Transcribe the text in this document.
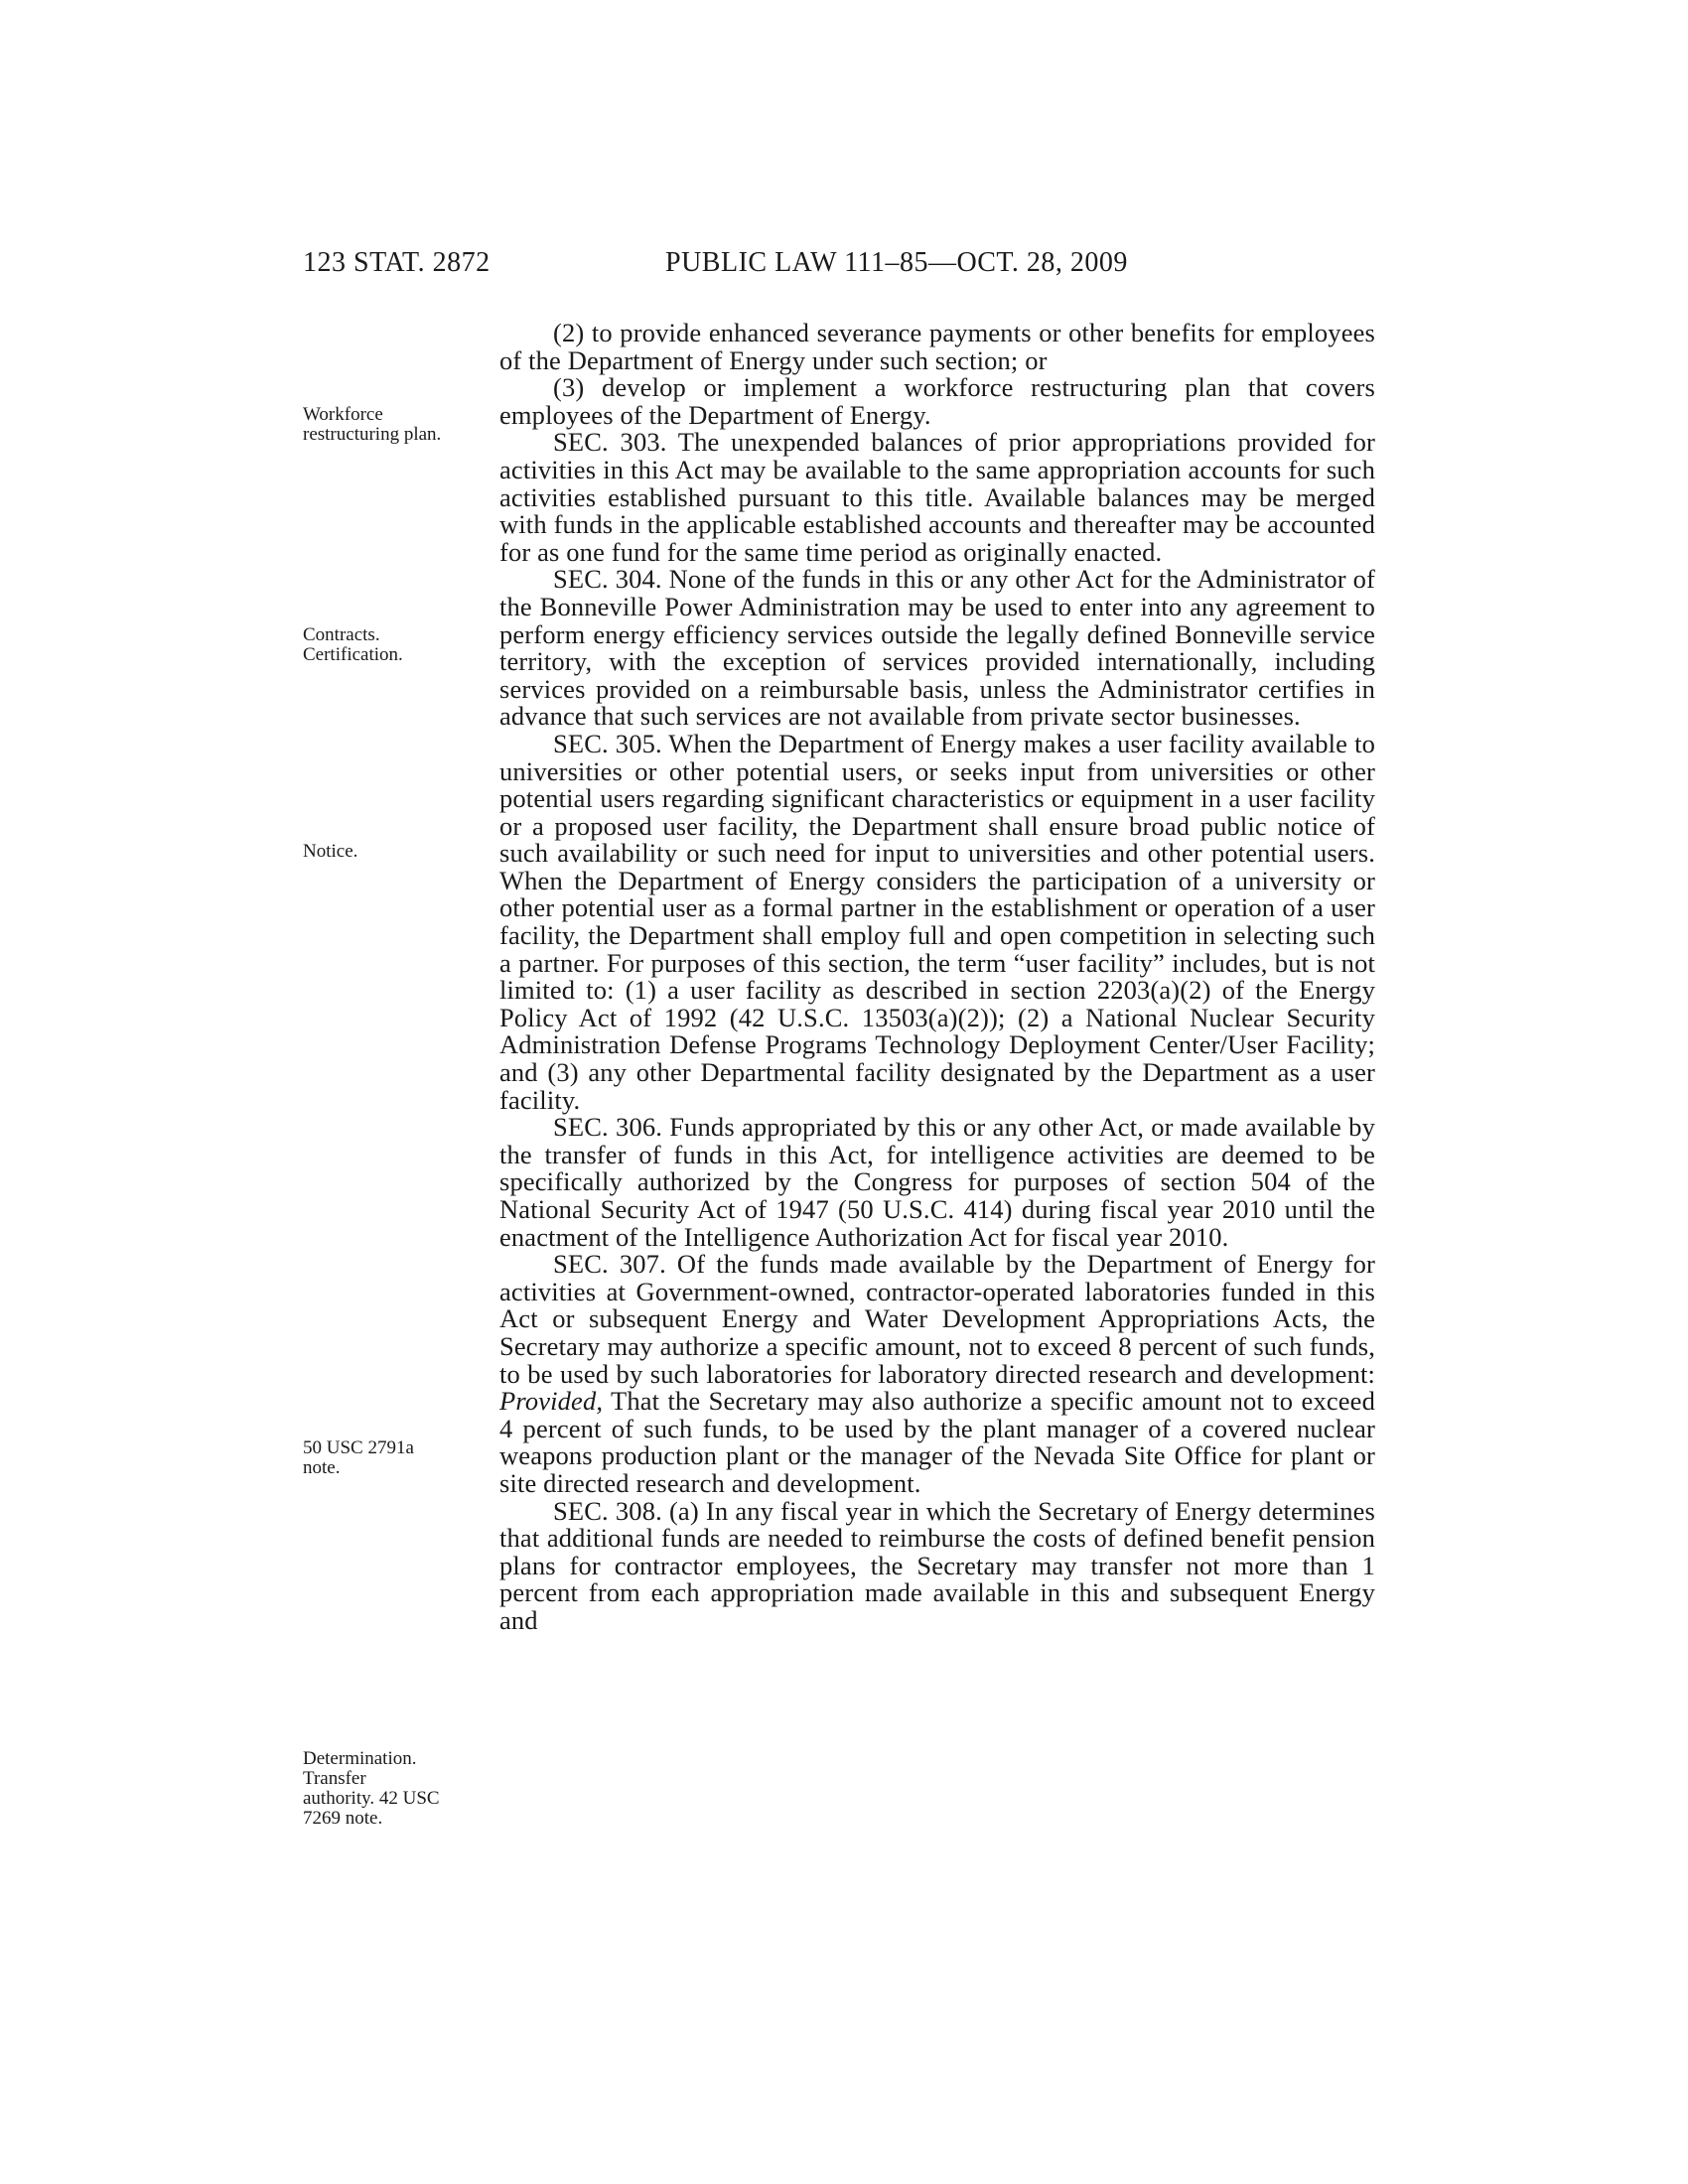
123 STAT. 2872	PUBLIC LAW 111–85—OCT. 28, 2009
Workforce restructuring plan.
Contracts. Certification.
Notice.
50 USC 2791a note.
Determination. Transfer authority. 42 USC 7269 note.

(2) to provide enhanced severance payments or other benefits for employees of the Department of Energy under such section; or

(3) develop or implement a workforce restructuring plan that covers employees of the Department of Energy.

SEC. 303. The unexpended balances of prior appropriations provided for activities in this Act may be available to the same appropriation accounts for such activities established pursuant to this title. Available balances may be merged with funds in the applicable established accounts and thereafter may be accounted for as one fund for the same time period as originally enacted.

SEC. 304. None of the funds in this or any other Act for the Administrator of the Bonneville Power Administration may be used to enter into any agreement to perform energy efficiency services outside the legally defined Bonneville service territory, with the exception of services provided internationally, including services provided on a reimbursable basis, unless the Administrator certifies in advance that such services are not available from private sector businesses.

SEC. 305. When the Department of Energy makes a user facility available to universities or other potential users, or seeks input from universities or other potential users regarding significant characteristics or equipment in a user facility or a proposed user facility, the Department shall ensure broad public notice of such availability or such need for input to universities and other potential users. When the Department of Energy considers the participation of a university or other potential user as a formal partner in the establishment or operation of a user facility, the Department shall employ full and open competition in selecting such a partner. For purposes of this section, the term “user facility” includes, but is not limited to: (1) a user facility as described in section 2203(a)(2) of the Energy Policy Act of 1992 (42 U.S.C. 13503(a)(2)); (2) a National Nuclear Security Administration Defense Programs Technology Deployment Center/User Facility; and (3) any other Departmental facility designated by the Department as a user facility.

SEC. 306. Funds appropriated by this or any other Act, or made available by the transfer of funds in this Act, for intelligence activities are deemed to be specifically authorized by the Congress for purposes of section 504 of the National Security Act of 1947 (50 U.S.C. 414) during fiscal year 2010 until the enactment of the Intelligence Authorization Act for fiscal year 2010.

SEC. 307. Of the funds made available by the Department of Energy for activities at Government-owned, contractor-operated laboratories funded in this Act or subsequent Energy and Water Development Appropriations Acts, the Secretary may authorize a specific amount, not to exceed 8 percent of such funds, to be used by such laboratories for laboratory directed research and development: Provided, That the Secretary may also authorize a specific amount not to exceed 4 percent of such funds, to be used by the plant manager of a covered nuclear weapons production plant or the manager of the Nevada Site Office for plant or site directed research and development.

SEC. 308. (a) In any fiscal year in which the Secretary of Energy determines that additional funds are needed to reimburse the costs of defined benefit pension plans for contractor employees, the Secretary may transfer not more than 1 percent from each appropriation made available in this and subsequent Energy and
